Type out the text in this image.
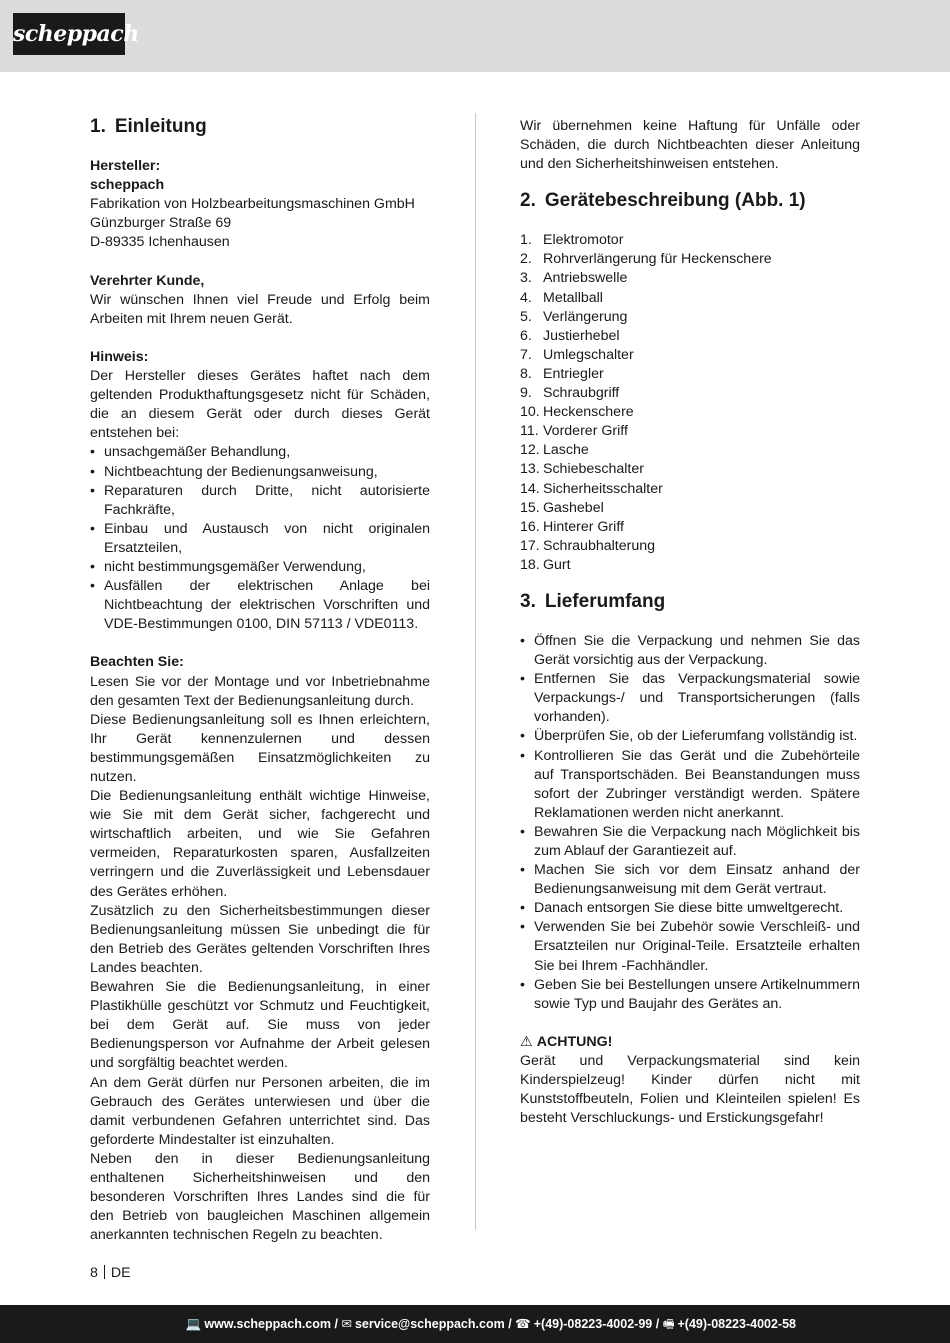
scheppach
1. Einleitung

Hersteller:

scheppach

Fabrikation von Holzbearbeitungsmaschinen GmbH

Günzburger Straße 69

D-89335 Ichenhausen

Verehrter Kunde,

Wir wünschen Ihnen viel Freude und Erfolg beim Arbeiten mit Ihrem neuen Gerät.

Hinweis:

Der Hersteller dieses Gerätes haftet nach dem geltenden Produkthaftungsgesetz nicht für Schäden, die an diesem Gerät oder durch dieses Gerät entstehen bei:

• unsachgemäßer Behandlung,
• Nichtbeachtung der Bedienungsanweisung,
• Reparaturen durch Dritte, nicht autorisierte Fachkräfte,
• Einbau und Austausch von nicht originalen Ersatzteilen,
• nicht bestimmungsgemäßer Verwendung,
• Ausfällen der elektrischen Anlage bei Nichtbeachtung der elektrischen Vorschriften und VDE-Bestimmungen 0100, DIN 57113 / VDE0113.

Beachten Sie:

Lesen Sie vor der Montage und vor Inbetriebnahme den gesamten Text der Bedienungsanleitung durch.

Diese Bedienungsanleitung soll es Ihnen erleichtern, Ihr Gerät kennenzulernen und dessen bestimmungsgemäßen Einsatzmöglichkeiten zu nutzen.

Die Bedienungsanleitung enthält wichtige Hinweise, wie Sie mit dem Gerät sicher, fachgerecht und wirtschaftlich arbeiten, und wie Sie Gefahren vermeiden, Reparaturkosten sparen, Ausfallzeiten verringern und die Zuverlässigkeit und Lebensdauer des Gerätes erhöhen.

Zusätzlich zu den Sicherheitsbestimmungen dieser Bedienungsanleitung müssen Sie unbedingt die für den Betrieb des Gerätes geltenden Vorschriften Ihres Landes beachten.

Bewahren Sie die Bedienungsanleitung, in einer Plastikhülle geschützt vor Schmutz und Feuchtigkeit, bei dem Gerät auf. Sie muss von jeder Bedienungsperson vor Aufnahme der Arbeit gelesen und sorgfältig beachtet werden.

An dem Gerät dürfen nur Personen arbeiten, die im Gebrauch des Gerätes unterwiesen und über die damit verbundenen Gefahren unterrichtet sind. Das geforderte Mindestalter ist einzuhalten.

Neben den in dieser Bedienungsanleitung enthaltenen Sicherheitshinweisen und den besonderen Vorschriften Ihres Landes sind die für den Betrieb von baugleichen Maschinen allgemein anerkannten technischen Regeln zu beachten.

Wir übernehmen keine Haftung für Unfälle oder Schäden, die durch Nichtbeachten dieser Anleitung und den Sicherheitshinweisen entstehen.

2. Gerätebeschreibung (Abb. 1)
1. Elektromotor
2. Rohrverlängerung für Heckenschere
3. Antriebswelle
4. Metallball
5. Verlängerung
6. Justierhebel
7. Umlegschalter
8. Entriegler
9. Schraubgriff
10. Heckenschere
11. Vorderer Griff
12. Lasche
13. Schiebeschalter
14. Sicherheitsschalter
15. Gashebel
16. Hinterer Griff
17. Schraubhalterung
18. Gurt
3. Lieferumfang
• Öffnen Sie die Verpackung und nehmen Sie das Gerät vorsichtig aus der Verpackung.
• Entfernen Sie das Verpackungsmaterial sowie Verpackungs-/ und Transportsicherungen (falls vorhanden).
• Überprüfen Sie, ob der Lieferumfang vollständig ist.
• Kontrollieren Sie das Gerät und die Zubehörteile auf Transportschäden. Bei Beanstandungen muss sofort der Zubringer verständigt werden. Spätere Reklamationen werden nicht anerkannt.
• Bewahren Sie die Verpackung nach Möglichkeit bis zum Ablauf der Garantiezeit auf.
• Machen Sie sich vor dem Einsatz anhand der Bedienungsanweisung mit dem Gerät vertraut.
• Danach entsorgen Sie diese bitte umweltgerecht.
• Verwenden Sie bei Zubehör sowie Verschleiß- und Ersatzteilen nur Original-Teile. Ersatzteile erhalten Sie bei Ihrem -Fachhändler.
• Geben Sie bei Bestellungen unsere Artikelnummern sowie Typ und Baujahr des Gerätes an.

⚠ ACHTUNG!

Gerät und Verpackungsmaterial sind kein Kinderspielzeug! Kinder dürfen nicht mit Kunststoffbeuteln, Folien und Kleinteilen spielen! Es besteht Verschluckungs- und Erstickungsgefahr!

8 DE
💻 www.scheppach.com / ✉ service@scheppach.com / ☎ +(49)-08223-4002-99 / 🖷 +(49)-08223-4002-58
